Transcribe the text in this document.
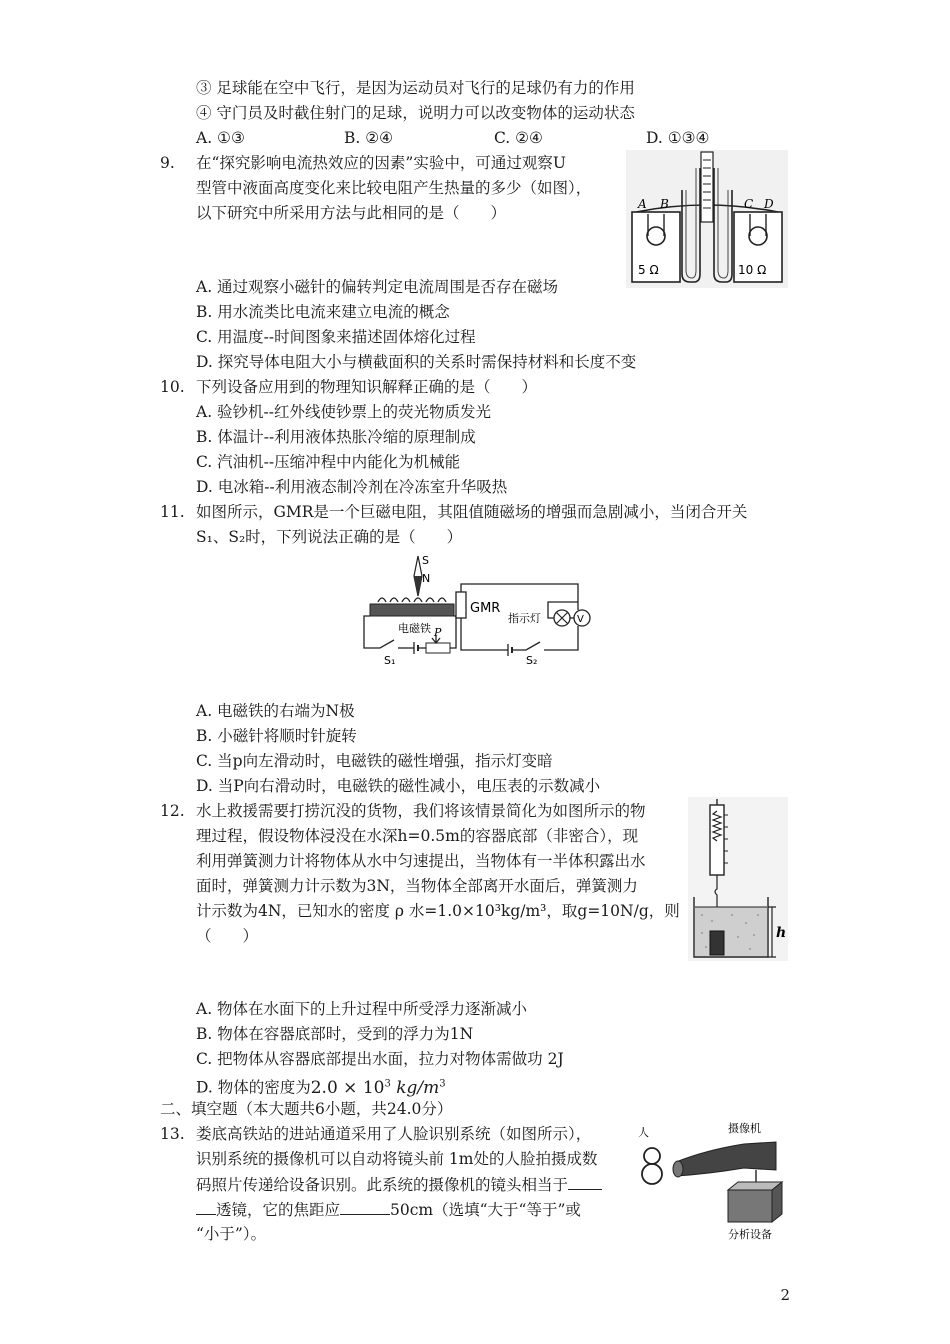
③ 足球能在空中飞行，是因为运动员对飞行的足球仍有力的作用
④ 守门员及时截住射门的足球，说明力可以改变物体的运动状态
A. ①③	B. ②④	C. ②④	D. ①③④
9. 在“探究影响电流热效应的因素”实验中，可通过观察U
型管中液面高度变化来比较电阻产生热量的多少（如图），
以下研究中所采用方法与此相同的是（　　）	A B	C D
5 Ω	10 Ω
A. 通过观察小磁针的偏转判定电流周围是否存在磁场
B. 用水流类比电流来建立电流的概念
C. 用温度--时间图象来描述固体熔化过程
D. 探究导体电阻大小与横截面积的关系时需保持材料和长度不变
10. 下列设备应用到的物理知识解释正确的是（　　）
A. 验钞机--红外线使钞票上的荧光物质发光
B. 体温计--利用液体热胀冷缩的原理制成
C. 汽油机--压缩冲程中内能化为机械能
D. 电冰箱--利用液态制冷剂在冷冻室升华吸热
11. 如图所示，GMR是一个巨磁电阻，其阻值随磁场的增强而急剧减小，当闭合开关
S₁、S₂时，下列说法正确的是（　　）
S
N
电磁铁 P
S₁
GMR
指示灯	V
S₂
A. 电磁铁的右端为N极
B. 小磁针将顺时针旋转
C. 当p向左滑动时，电磁铁的磁性增强，指示灯变暗
D. 当P向右滑动时，电磁铁的磁性减小，电压表的示数减小
12. 水上救援需要打捞沉没的货物，我们将该情景简化为如图所示的物
理过程，假设物体浸没在水深h=0.5m的容器底部（非密合），现
利用弹簧测力计将物体从水中匀速提出，当物体有一半体积露出水
面时，弹簧测力计示数为3N，当物体全部离开水面后，弹簧测力
计示数为4N，已知水的密度 ρ 水=1.0×10³kg/m³，取g=10N/g，则
（　　）	h
A. 物体在水面下的上升过程中所受浮力逐渐减小
B. 物体在容器底部时，受到的浮力为1N
C. 把物体从容器底部提出水面，拉力对物体需做功 2J
D. 物体的密度为$2.0 \times 10^3$ $kg/m^3$
二、填空题（本大题共6小题，共24.0分）
13. 娄底高铁站的进站通道采用了人脸识别系统（如图所示），
识别系统的摄像机可以自动将镜头前 1m处的人脸拍摄成数
码照片传递给设备识别。此系统的摄像机的镜头相当于
透镜，它的焦距应	50cm（选填“大于“等于”或
“小于”）。
人	摄像机
分析设备
2
